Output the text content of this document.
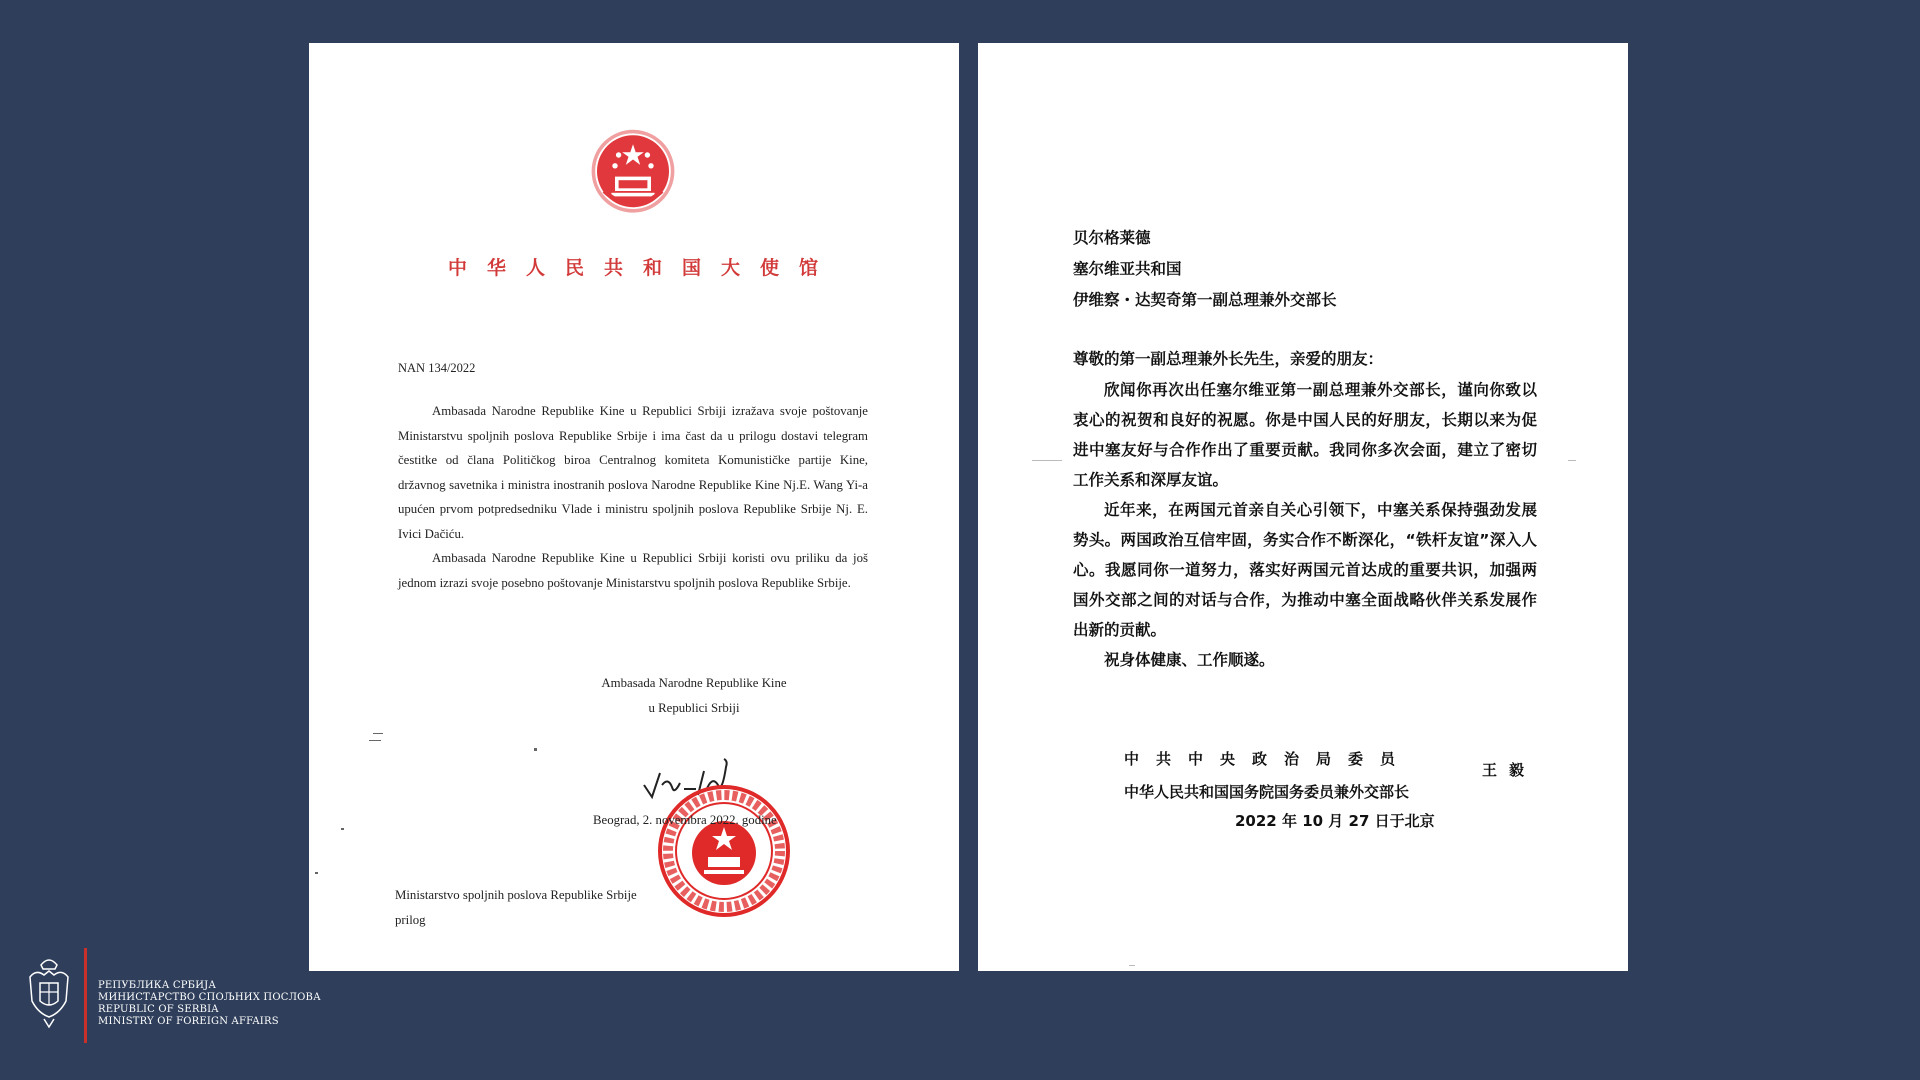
中华人民共和国大使馆
NAN 134/2022

Ambasada Narodne Republike Kine u Republici Srbiji izražava svoje poštovanje Ministarstvu spoljnih poslova Republike Srbije i ima čast da u prilogu dostavi telegram čestitke od člana Političkog biroa Centralnog komiteta Komunističke partije Kine, državnog savetnika i ministra inostranih poslova Narodne Republike Kine Nj.E. Wang Yi-a upućen prvom potpredsedniku Vlade i ministru spoljnih poslova Republike Srbije Nj. E. Ivici Dačiću.

Ambasada Narodne Republike Kine u Republici Srbiji koristi ovu priliku da još jednom izrazi svoje posebno poštovanje Ministarstvu spoljnih poslova Republike Srbije.

Ambasada Narodne Republike Kine
u Republici Srbiji
Beograd, 2. novembra 2022. godine
Ministarstvo spoljnih poslova Republike Srbije
prilog
贝尔格莱德
塞尔维亚共和国
伊维察・达契奇第一副总理兼外交部长
尊敬的第一副总理兼外长先生，亲爱的朋友：

欣闻你再次出任塞尔维亚第一副总理兼外交部长，谨向你致以衷心的祝贺和良好的祝愿。你是中国人民的好朋友，长期以来为促进中塞友好与合作作出了重要贡献。我同你多次会面，建立了密切工作关系和深厚友谊。

近年来，在两国元首亲自关心引领下，中塞关系保持强劲发展势头。两国政治互信牢固，务实合作不断深化，“铁杆友谊”深入人心。我愿同你一道努力，落实好两国元首达成的重要共识，加强两国外交部之间的对话与合作，为推动中塞全面战略伙伴关系发展作出新的贡献。

祝身体健康、工作顺遂。

中共中央政治局委员
中华人民共和国国务院国务委员兼外交部长
王毅
2022 年 10 月 27 日于北京
РЕПУБЛИКА СРБИЈА
МИНИСТАРСТВО СПОЉНИХ ПОСЛОВА
REPUBLIC OF SERBIA
MINISTRY OF FOREIGN AFFAIRS
